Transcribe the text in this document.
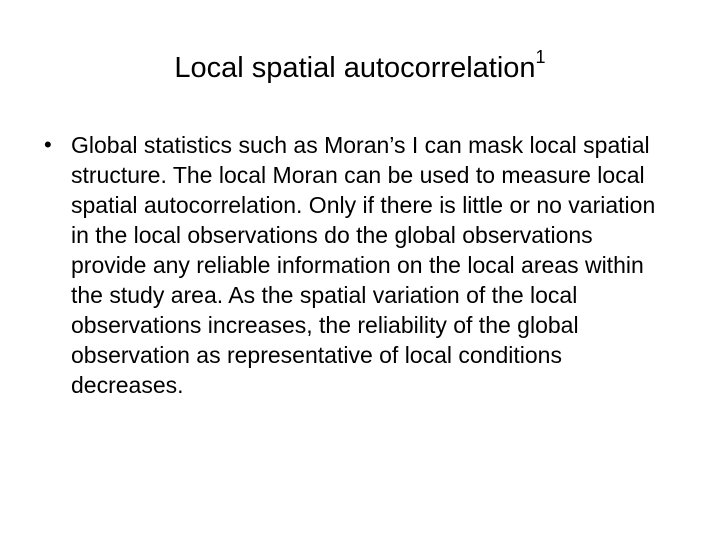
Local spatial autocorrelation$^1$
• Global statistics such as Moran’s I can mask local spatial structure. The local Moran can be used to measure local spatial autocorrelation. Only if there is little or no variation in the local observations do the global observations provide any reliable information on the local areas within the study area. As the spatial variation of the local observations increases, the reliability of the global observation as representative of local conditions decreases.
